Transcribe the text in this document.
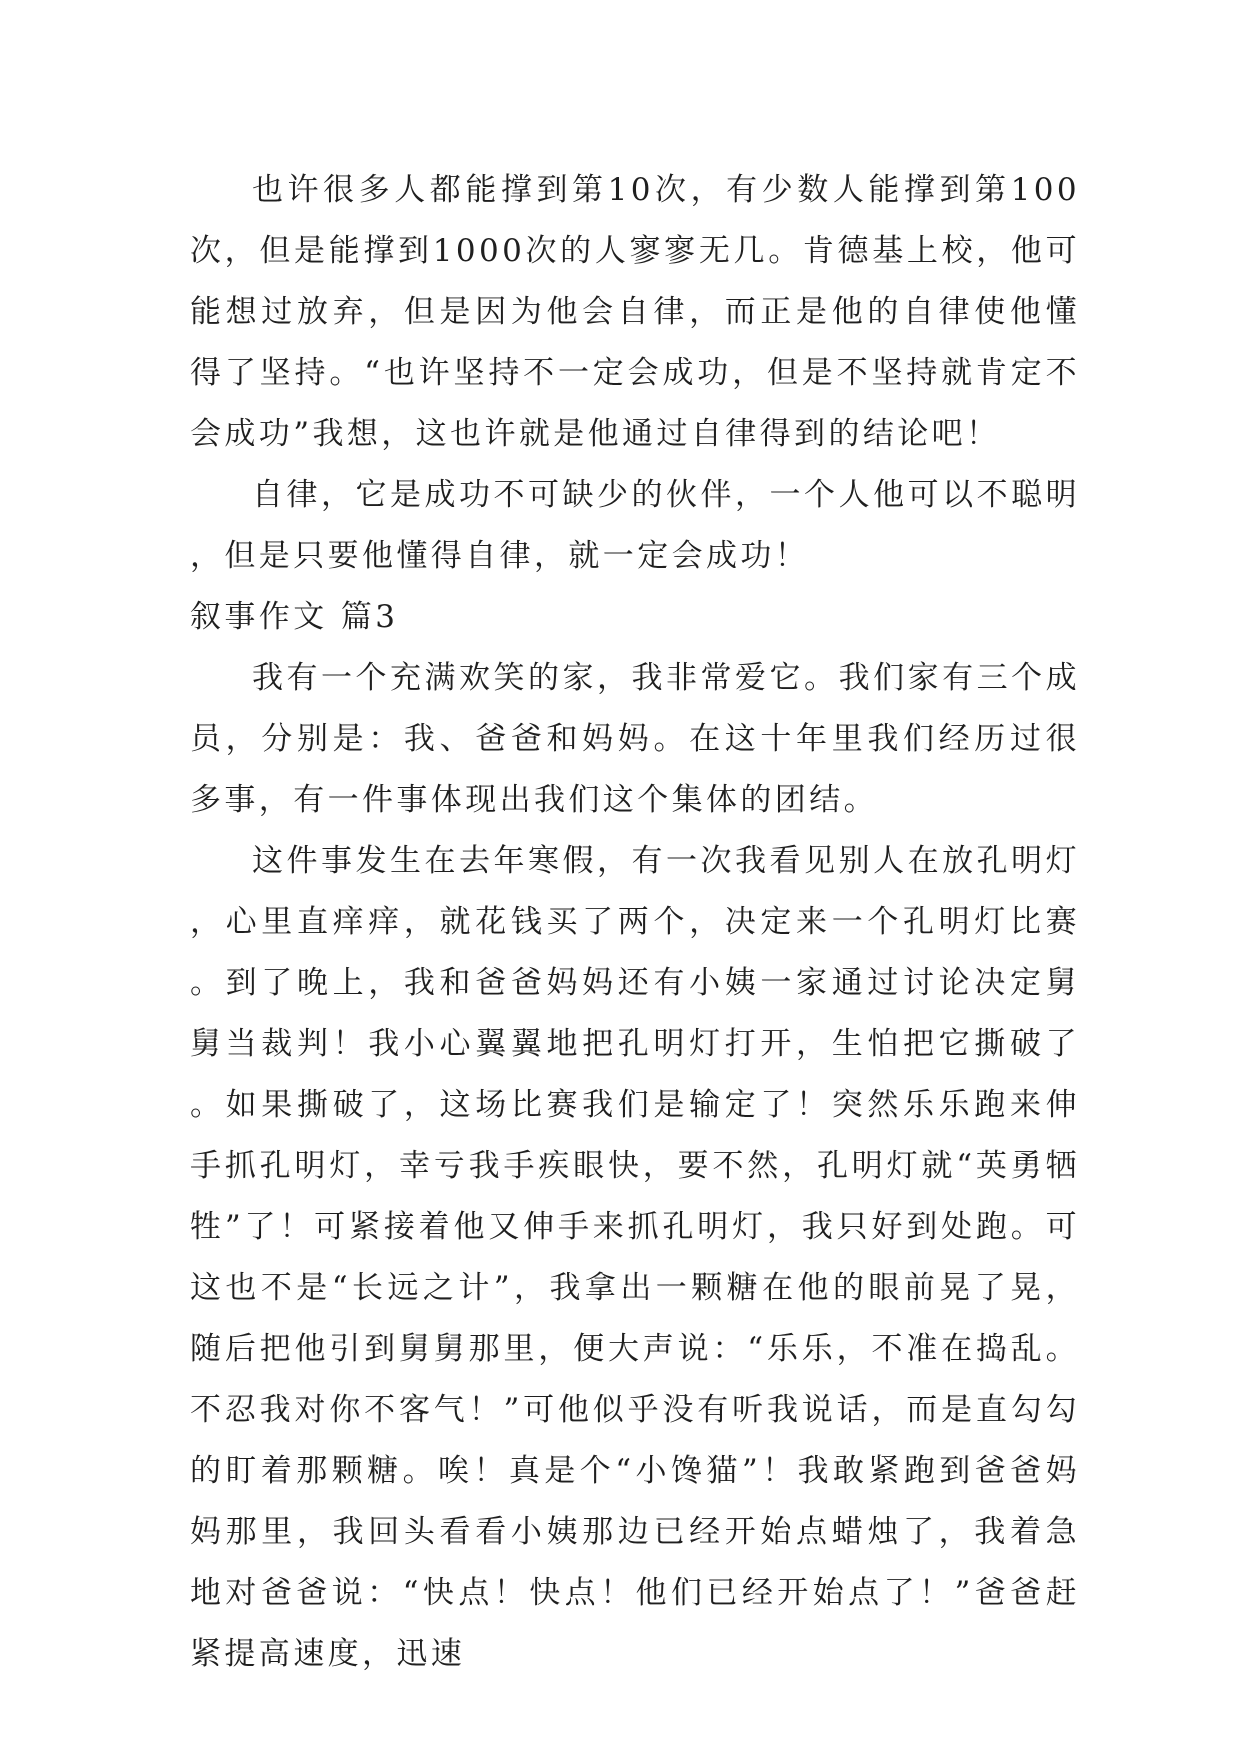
也许很多人都能撑到第10次，有少数人能撑到第100次，但是能撑到1000次的人寥寥无几。肯德基上校，他可能想过放弃，但是因为他会自律，而正是他的自律使他懂得了坚持。“也许坚持不一定会成功，但是不坚持就肯定不会成功”我想，这也许就是他通过自律得到的结论吧！

自律，它是成功不可缺少的伙伴，一个人他可以不聪明，但是只要他懂得自律，就一定会成功！

叙事作文 篇3

我有一个充满欢笑的家，我非常爱它。我们家有三个成员，分别是：我、爸爸和妈妈。在这十年里我们经历过很多事，有一件事体现出我们这个集体的团结。

这件事发生在去年寒假，有一次我看见别人在放孔明灯，心里直痒痒，就花钱买了两个，决定来一个孔明灯比赛。到了晚上，我和爸爸妈妈还有小姨一家通过讨论决定舅舅当裁判！我小心翼翼地把孔明灯打开，生怕把它撕破了。如果撕破了，这场比赛我们是输定了！突然乐乐跑来伸手抓孔明灯，幸亏我手疾眼快，要不然，孔明灯就“英勇牺牲”了！可紧接着他又伸手来抓孔明灯，我只好到处跑。可这也不是“长远之计”，我拿出一颗糖在他的眼前晃了晃，随后把他引到舅舅那里，便大声说：“乐乐，不准在捣乱。不忍我对你不客气！”可他似乎没有听我说话，而是直勾勾的盯着那颗糖。唉！真是个“小馋猫”！我敢紧跑到爸爸妈妈那里，我回头看看小姨那边已经开始点蜡烛了，我着急地对爸爸说：“快点！快点！他们已经开始点了！”爸爸赶紧提高速度，迅速
